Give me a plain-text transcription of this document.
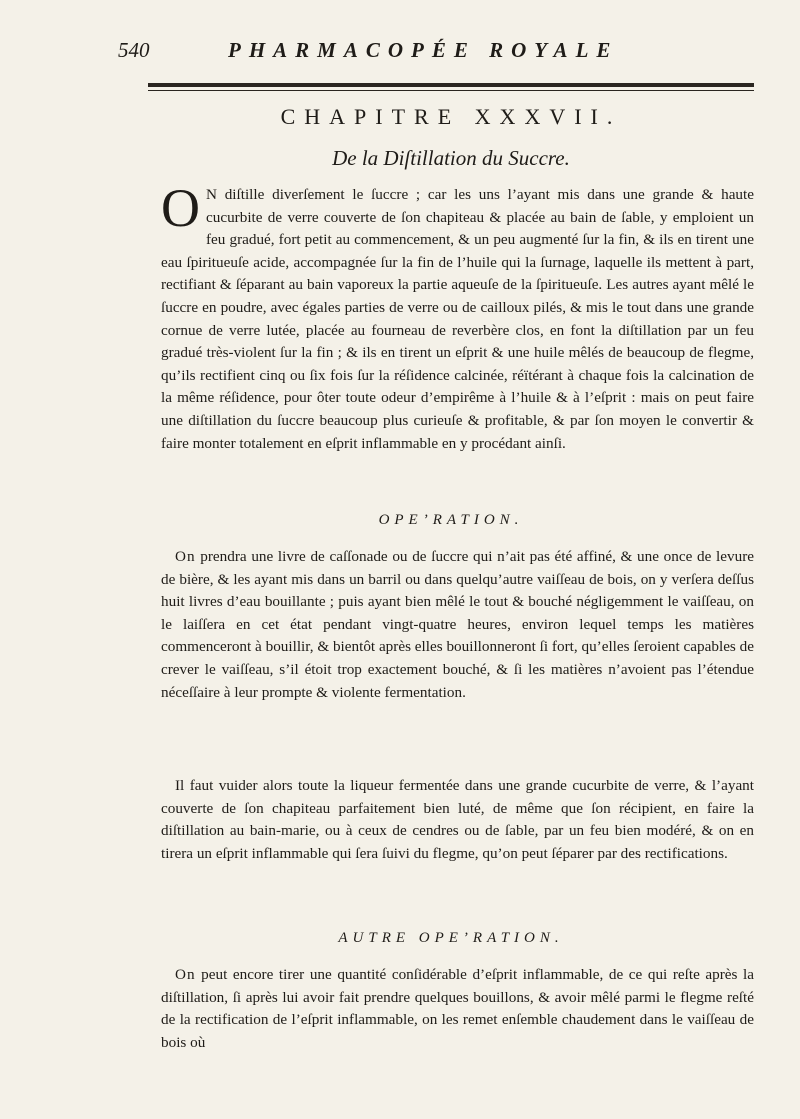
540	PHARMACOPÉE ROYALE
CHAPITRE XXXVII.
De la Diſtillation du Succre.
O N diſtille diverſement le ſuccre ; car les uns l’ayant mis dans une grande & haute cucurbite de verre couverte de ſon chapiteau & placée au bain de ſable, y emploient un feu gradué, fort petit au commencement, & un peu augmenté ſur la fin, & ils en tirent une eau ſpiritueuſe acide, accompagnée ſur la fin de l’huile qui la ſurnage, laquelle ils mettent à part, rectifiant & ſéparant au bain vaporeux la partie aqueuſe de la ſpiritueuſe. Les autres ayant mêlé le ſuccre en poudre, avec égales parties de verre ou de cailloux pilés, & mis le tout dans une grande cornue de verre lutée, placée au fourneau de reverbère clos, en font la diſtillation par un feu gradué très-violent ſur la fin ; & ils en tirent un eſprit & une huile mêlés de beaucoup de flegme, qu’ils rectifient cinq ou ſix fois ſur la réſidence calcinée, réïtérant à chaque fois la calcination de la même réſidence, pour ôter toute odeur d’empirême à l’huile & à l’eſprit : mais on peut faire une diſtillation du ſuccre beaucoup plus curieuſe & profitable, & par ſon moyen le convertir & faire monter totalement en eſprit inflammable en y procédant ainſi.
OPE’RATION.
On prendra une livre de caſſonade ou de ſuccre qui n’ait pas été affiné, & une once de levure de bière, & les ayant mis dans un barril ou dans quelqu’autre vaiſſeau de bois, on y verſera deſſus huit livres d’eau bouillante ; puis ayant bien mêlé le tout & bouché négligemment le vaiſſeau, on le laiſſera en cet état pendant vingt-quatre heures, environ lequel temps les matières commenceront à bouillir, & bientôt après elles bouillonneront ſi fort, qu’elles ſeroient capables de crever le vaiſſeau, s’il étoit trop exactement bouché, & ſi les matières n’avoient pas l’étendue néceſſaire à leur prompte & violente fermentation.
Il faut vuider alors toute la liqueur fermentée dans une grande cucurbite de verre, & l’ayant couverte de ſon chapiteau parfaitement bien luté, de même que ſon récipient, en faire la diſtillation au bain-marie, ou à ceux de cendres ou de ſable, par un feu bien modéré, & on en tirera un eſprit inflammable qui ſera ſuivi du flegme, qu’on peut ſéparer par des rectifications.
AUTRE OPE’RATION.
On peut encore tirer une quantité conſidérable d’eſprit inflammable, de ce qui reſte après la diſtillation, ſi après lui avoir fait prendre quelques bouillons, & avoir mêlé parmi le flegme reſté de la rectification de l’eſprit inflammable, on les remet enſemble chaudement dans le vaiſſeau de bois où
